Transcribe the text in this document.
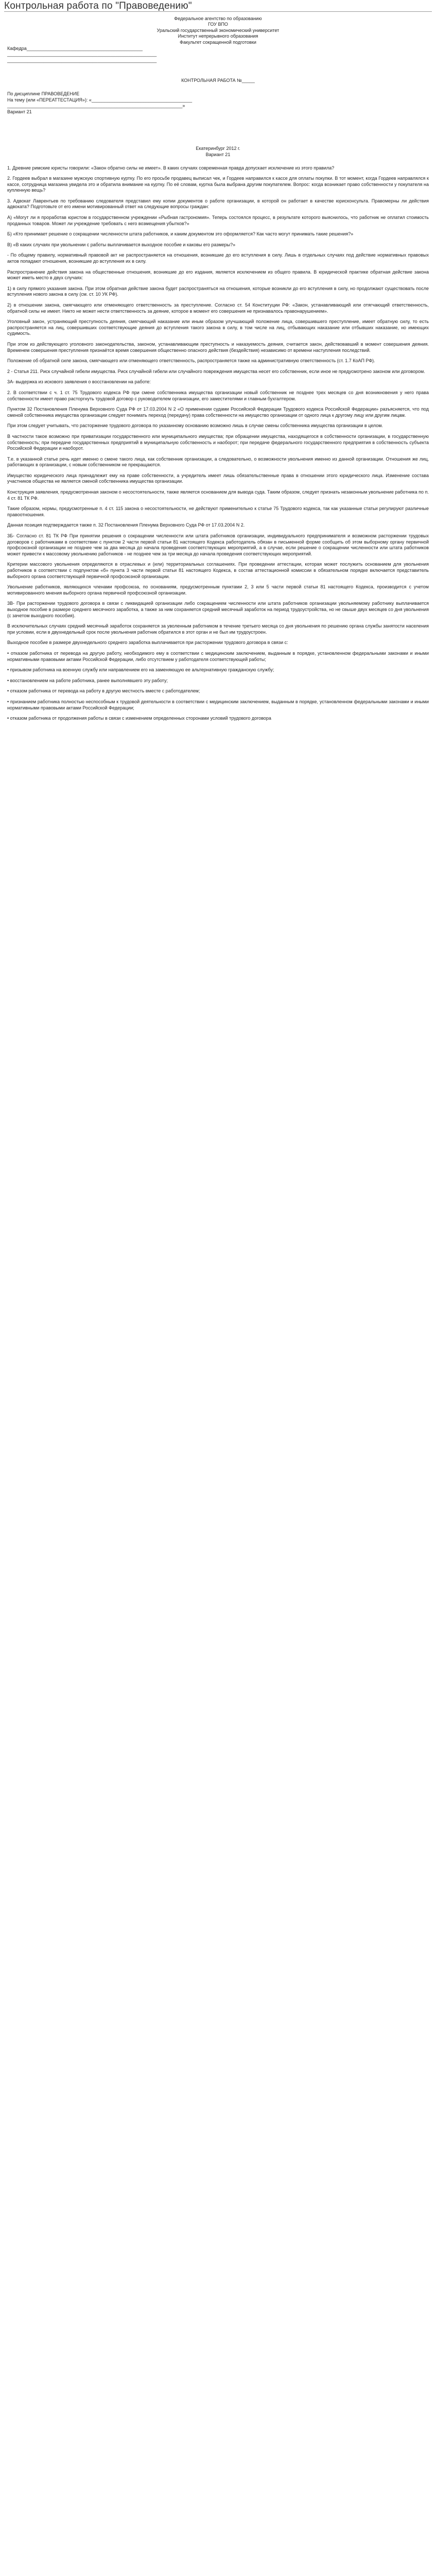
Контрольная работа по "Правоведению"
Федеральное агентство по образованию
ГОУ ВПО
Уральский государственный экономический университет
Институт непрерывного образования
Факультет сокращенной подготовки
Кафедра_____________________________________________
__________________________________________________________
__________________________________________________________
КОНТРОЛЬНАЯ РАБОТА №_____
По дисциплине ПРАВОВЕДЕНИЕ
На тему (или «ПЕРЕАТТЕСТАЦИЯ»): «_______________________________________
____________________________________________________________________»
Вариант 21
Екатеринбург 2012 г.
Вариант 21

1. Древние римские юристы говорили: «Закон обратно силы не имеет». В каких случаях современная правда допускает исключение из этого правила?

2. Гордеев выбрал в магазине мужскую спортивную куртку. По его просьбе продавец выписал чек, и Гордеев направился к кассе для оплаты покупки. В тот момент, когда Гордеев направлялся к кассе, сотрудница магазина увидела это и обратила внимание на куртку. По её словам, куртка была выбрана другим покупателем. Вопрос: когда возникает право собственности у покупателя на купленную вещь?

3. Адвокат Лаврентьев по требованию следователя представил ему копии документов о работе организации, в которой он работает в качестве юрисконсульта. Правомерны ли действия адвоката? Подготовьте от его имени мотивированный ответ на следующие вопросы граждан:

А) «Могут ли я проработав юристом в государственном учреждении «Рыбная гастрономия». Теперь состоялся процесс, в результате которого выяснилось, что работник не оплатил стоимость проданных товаров. Может ли учреждение требовать с него возмещения убытков?»

Б) «Кто принимает решение о сокращении численности штата работников, и каким документом это оформляется? Как часто могут принимать такие решения?»

В) «В каких случаях при увольнении с работы выплачивается выходное пособие и каковы его размеры?»

- По общему правилу, нормативный правовой акт не распространяется на отношения, возникшие до его вступления в силу. Лишь в отдельных случаях под действие нормативных правовых актов попадают отношения, возникшие до вступления их в силу.

Распространение действия закона на общественные отношения, возникшие до его издания, является исключением из общего правила. В юридической практике обратная действие закона может иметь место в двух случаях:

1) в силу прямого указания закона. При этом обратная действие закона будет распространяться на отношения, которые возникли до его вступления в силу, но продолжают существовать после вступления нового закона в силу (см. ст. 10 УК РФ).

2) в отношении закона, смягчающего или отменяющего ответственность за преступление. Согласно ст. 54 Конституции РФ: «Закон, устанавливающий или отягчающий ответственность, обратной силы не имеет. Никто не может нести ответственность за деяние, которое в момент его совершения не признавалось правонарушением».

Уголовный закон, устраняющий преступность деяния, смягчающий наказание или иным образом улучшающий положение лица, совершившего преступление, имеет обратную силу, то есть распространяется на лиц, совершивших соответствующие деяния до вступления такого закона в силу, в том числе на лиц, отбывающих наказание или отбывших наказание, но имеющих судимость.

При этом из действующего уголовного законодательства, законом, устанавливающим преступность и наказуемость деяния, считается закон, действовавший в момент совершения деяния. Временем совершения преступления признаётся время совершения общественно опасного действия (бездействия) независимо от времени наступления последствий.

Положение об обратной силе закона, смягчающего или отменяющего ответственность, распространяется также на административную ответственность (ст. 1.7 КоАП РФ).

2 - Статья 211. Риск случайной гибели имущества. Риск случайной гибели или случайного повреждения имущества несет его собственник, если иное не предусмотрено законом или договором.

3А- выдержка из искового заявления о восстановлении на работе:

2. В соответствии с ч. 1 ст. 75 Трудового кодекса РФ при смене собственника имущества организации новый собственник не позднее трех месяцев со дня возникновения у него права собственности имеет право расторгнуть трудовой договор с руководителем организации, его заместителями и главным бухгалтером.

Пунктом 32 Постановления Пленума Верховного Суда РФ от 17.03.2004 N 2 «О применении судами Российской Федерации Трудового кодекса Российской Федерации» разъясняется, что под сменой собственника имущества организации следует понимать переход (передачу) права собственности на имущество организации от одного лица к другому лицу или другим лицам.

При этом следует учитывать, что расторжение трудового договора по указанному основанию возможно лишь в случае смены собственника имущества организации в целом.

В частности такое возможно при приватизации государственного или муниципального имущества; при обращении имущества, находящегося в собственности организации, в государственную собственность; при передаче государственных предприятий в муниципальную собственность и наоборот; при передаче федерального государственного предприятия в собственность субъекта Российской Федерации и наоборот.

Т.е. в указанной статье речь идет именно о смене такого лица, как собственник организации, а следовательно, о возможности увольнения именно из данной организации. Отношения же лиц, работающих в организации, с новым собственником не прекращаются.

Имущество юридического лица принадлежит ему на праве собственности, а учредитель имеет лишь обязательственные права в отношении этого юридического лица. Изменение состава участников общества не является сменой собственника имущества организации.

Конструкция заявления, предусмотренная законом о несостоятельности, также является основанием для вывода суда. Таким образом, следует признать незаконным увольнение работника по п. 4 ст. 81 ТК РФ.

Такие образом, нормы, предусмотренные п. 4 ст. 115 закона о несостоятельности, не действуют применительно к статье 75 Трудового кодекса, так как указанные статьи регулируют различные правоотношения.

Данная позиция подтверждается также п. 32 Постановления Пленума Верховного Суда РФ от 17.03.2004 N 2.

3Б- Согласно ст. 81 ТК РФ При принятии решения о сокращении численности или штата работников организации, индивидуального предпринимателя и возможном расторжении трудовых договоров с работниками в соответствии с пунктом 2 части первой статьи 81 настоящего Кодекса работодатель обязан в письменной форме сообщить об этом выборному органу первичной профсоюзной организации не позднее чем за два месяца до начала проведения соответствующих мероприятий, а в случае, если решение о сокращении численности или штата работников может привести к массовому увольнению работников - не позднее чем за три месяца до начала проведения соответствующих мероприятий.

Критерии массового увольнения определяются в отраслевых и (или) территориальных соглашениях. При проведении аттестации, которая может послужить основанием для увольнения работников в соответствии с подпунктом «б» пункта 3 части первой статьи 81 настоящего Кодекса, в состав аттестационной комиссии в обязательном порядке включается представитель выборного органа соответствующей первичной профсоюзной организации.

Увольнение работников, являющихся членами профсоюза, по основаниям, предусмотренным пунктами 2, 3 или 5 части первой статьи 81 настоящего Кодекса, производится с учетом мотивированного мнения выборного органа первичной профсоюзной организации.

3В- При расторжении трудового договора в связи с ликвидацией организации либо сокращением численности или штата работников организации увольняемому работнику выплачивается выходное пособие в размере среднего месячного заработка, а также за ним сохраняется средний месячный заработок на период трудоустройства, но не свыше двух месяцев со дня увольнения (с зачетом выходного пособия).

В исключительных случаях средний месячный заработок сохраняется за уволенным работником в течение третьего месяца со дня увольнения по решению органа службы занятости населения при условии, если в двухнедельный срок после увольнения работник обратился в этот орган и не был им трудоустроен.

Выходное пособие в размере двухнедельного среднего заработка выплачивается при расторжении трудового договора в связи с:

• отказом работника от перевода на другую работу, необходимого ему в соответствии с медицинским заключением, выданным в порядке, установленном федеральными законами и иными нормативными правовыми актами Российской Федерации, либо отсутствием у работодателя соответствующей работы;

• призывом работника на военную службу или направлением его на заменяющую ее альтернативную гражданскую службу;

• восстановлением на работе работника, ранее выполнявшего эту работу;

• отказом работника от перевода на работу в другую местность вместе с работодателем;

• признанием работника полностью неспособным к трудовой деятельности в соответствии с медицинским заключением, выданным в порядке, установленном федеральными законами и иными нормативными правовыми актами Российской Федерации;

• отказом работника от продолжения работы в связи с изменением определенных сторонами условий трудового договора
